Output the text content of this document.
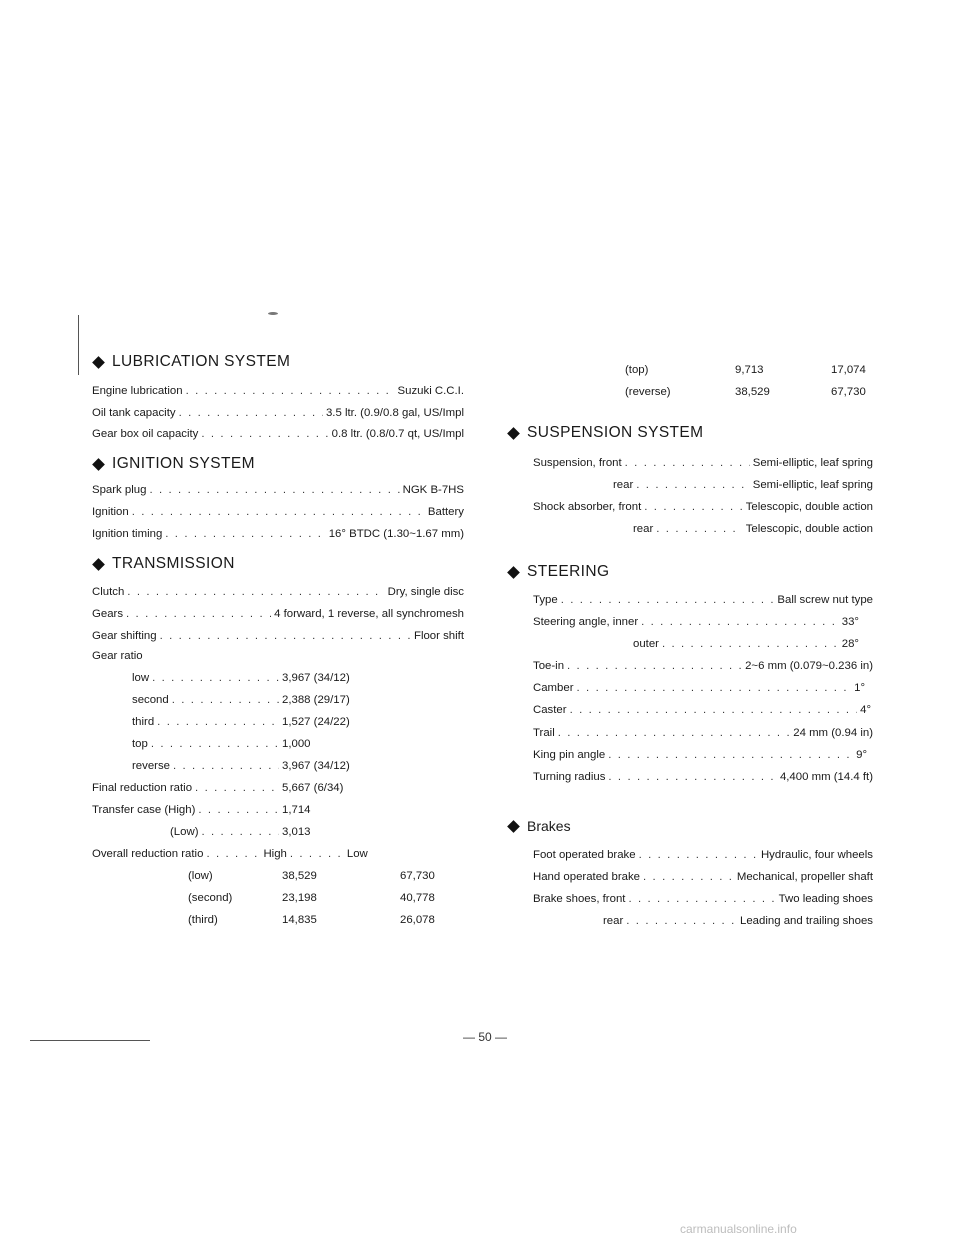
LUBRICATION SYSTEM
Engine lubrication . . .	Suzuki C.C.I.
Oil tank capacity . . .	3.5 ltr. (0.9/0.8 gal, US/Impl
Gear box oil capacity . . .	0.8 ltr. (0.8/0.7 qt, US/Impl
IGNITION SYSTEM
Spark plug . . .	NGK B-7HS
Ignition . . .	Battery
Ignition timing . . .	16° BTDC (1.30~1.67 mm)
TRANSMISSION
Clutch . . .	Dry, single disc
Gears . . .	4 forward, 1 reverse, all synchromesh
Gear shifting . . .	Floor shift
Gear ratio
low . . .	3,967 (34/12)
second . . .	2,388 (29/17)
third . . .	1,527 (24/22)
top . . .	1,000
reverse . . .	3,967 (34/12)
Final reduction ratio . . .	5,667 (6/34)
Transfer case (High) . . .	1,714
(Low) . . .	3,013
Overall reduction ratio . . .	High . . .	Low
(low)	38,529	67,730
(second)	23,198	40,778
(third)	14,835	26,078
(top)	9,713	17,074
(reverse)	38,529	67,730
SUSPENSION SYSTEM
Suspension, front . . .	Semi-elliptic, leaf spring
rear . . .	Semi-elliptic, leaf spring
Shock absorber, front . . .	Telescopic, double action
rear . . .	Telescopic, double action
STEERING
Type . . .	Ball screw nut type
Steering angle, inner . . .	33°
outer . . .	28°
Toe-in . . .	2~6 mm (0.079~0.236 in)
Camber . . .	1°
Caster . . .	4°
Trail . . .	24 mm (0.94 in)
King pin angle . . .	9°
Turning radius . . .	4,400 mm (14.4 ft)
Brakes
Foot operated brake . . .	Hydraulic, four wheels
Hand operated brake . . .	Mechanical, propeller shaft
Brake shoes, front . . .	Two leading shoes
rear . . .	Leading and trailing shoes
— 50 —
carmanualsonline.info
